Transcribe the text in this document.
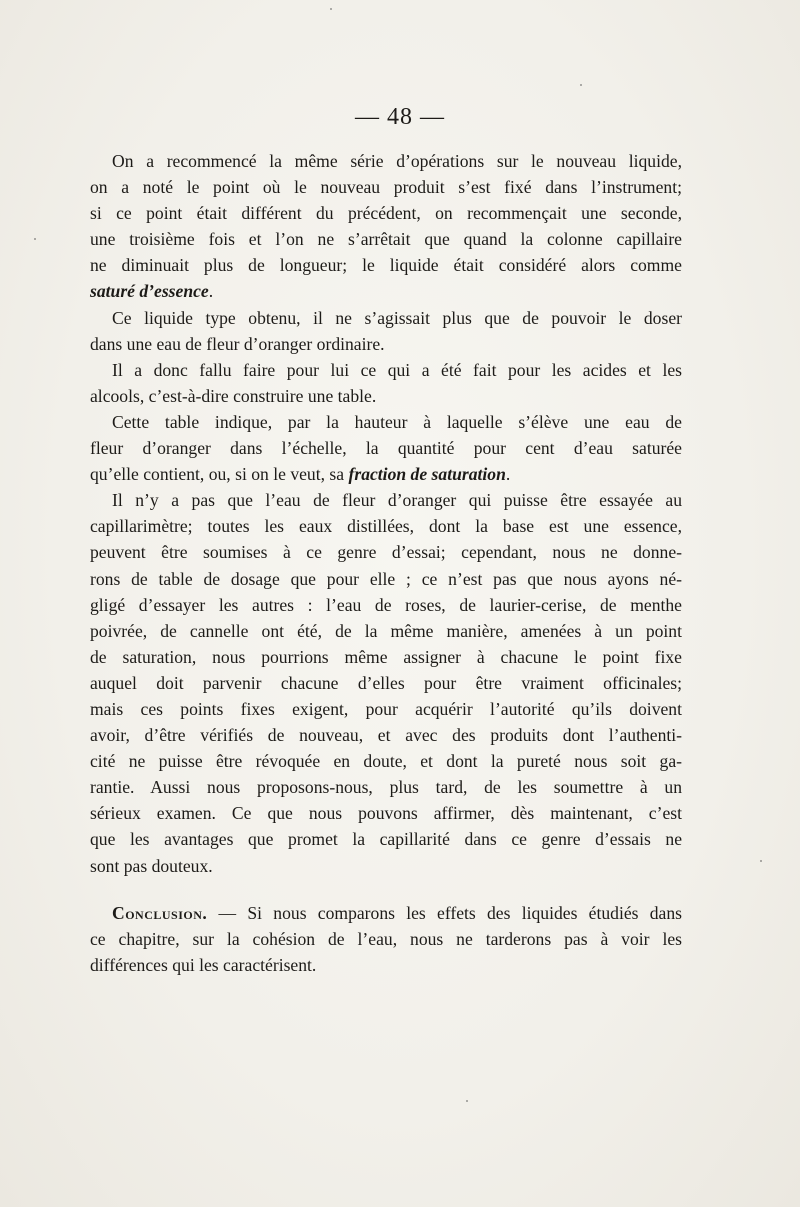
— 48 —
On a recommencé la même série d’opérations sur le nouveau liquide,
on a noté le point où le nouveau produit s’est fixé dans l’instrument;
si ce point était différent du précédent, on recommençait une seconde,
une troisième fois et l’on ne s’arrêtait que quand la colonne capillaire
ne diminuait plus de longueur; le liquide était considéré alors comme
saturé d’essence.
Ce liquide type obtenu, il ne s’agissait plus que de pouvoir le doser
dans une eau de fleur d’oranger ordinaire.
Il a donc fallu faire pour lui ce qui a été fait pour les acides et les
alcools, c’est-à-dire construire une table.
Cette table indique, par la hauteur à laquelle s’élève une eau de
fleur d’oranger dans l’échelle, la quantité pour cent d’eau saturée
qu’elle contient, ou, si on le veut, sa fraction de saturation.
Il n’y a pas que l’eau de fleur d’oranger qui puisse être essayée au
capillarimètre; toutes les eaux distillées, dont la base est une essence,
peuvent être soumises à ce genre d’essai; cependant, nous ne donne-
rons de table de dosage que pour elle ; ce n’est pas que nous ayons né-
gligé d’essayer les autres : l’eau de roses, de laurier-cerise, de menthe
poivrée, de cannelle ont été, de la même manière, amenées à un point
de saturation, nous pourrions même assigner à chacune le point fixe
auquel doit parvenir chacune d’elles pour être vraiment officinales;
mais ces points fixes exigent, pour acquérir l’autorité qu’ils doivent
avoir, d’être vérifiés de nouveau, et avec des produits dont l’authenti-
cité ne puisse être révoquée en doute, et dont la pureté nous soit ga-
rantie. Aussi nous proposons-nous, plus tard, de les soumettre à un
sérieux examen. Ce que nous pouvons affirmer, dès maintenant, c’est
que les avantages que promet la capillarité dans ce genre d’essais ne
sont pas douteux.
Conclusion. — Si nous comparons les effets des liquides étudiés dans
ce chapitre, sur la cohésion de l’eau, nous ne tarderons pas à voir les
différences qui les caractérisent.
